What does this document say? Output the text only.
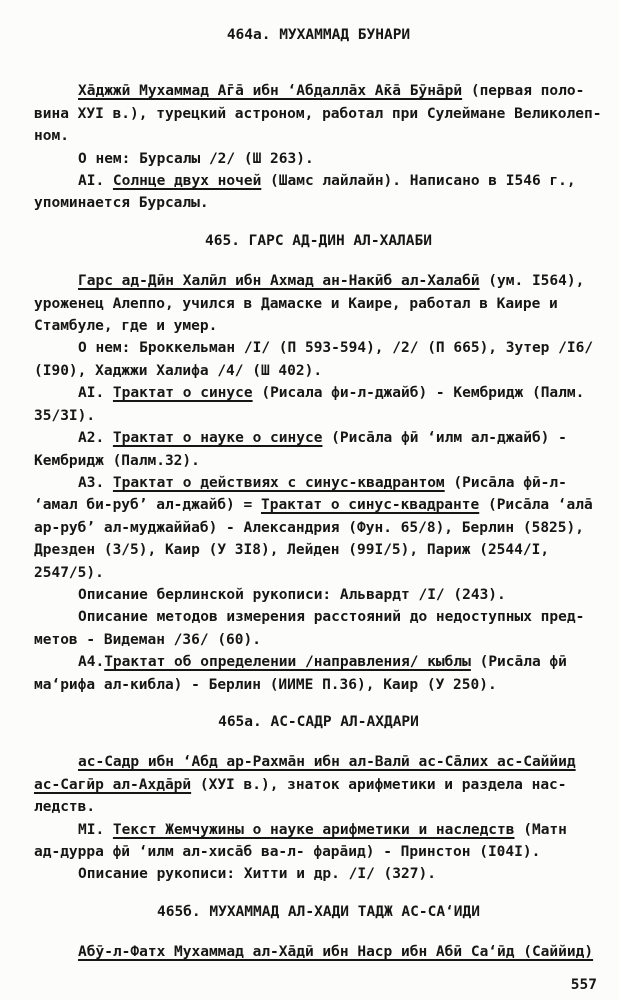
464а. МУХАММАД БУНАРИ
Ха̄джжӣ Мухаммад А̄га̄ ибн ‘Абдалла̄х А̄ка̄ Бӯна̄рӣ (первая поло-
вина ХУI в.), турецкий астроном, работал при Сулеймане Великолеп-
ном.
О нем: Бурсалы /2/ (Ш 263).
АI. Солнце двух ночей (Шамс лайлайн). Написано в I546 г.,
упоминается Бурсалы.
465. ГАРС АД-ДИН АЛ-ХАЛАБИ
Гарс ад-Дӣн Халӣл ибн Ахмад ан-Накӣб ал-Халабӣ (ум. I564),
уроженец Алеппо, учился в Дамаске и Каире, работал в Каире и
Стамбуле, где и умер.
О нем: Броккельман /I/ (П 593-594), /2/ (П 665), Зутер /I6/
(I90), Хаджжи Халифа /4/ (Ш 402).
АI. Трактат о синусе (Рисала фи-л-джайб) - Кембридж (Палм.
35/3I).
А2. Трактат о науке о синусе (Риса̄ла фӣ ‘илм ал-джайб) -
Кембридж (Палм.32).
А3. Трактат о действиях с синус-квадрантом (Риса̄ла фӣ-л-
‘амал би-руб’ ал-джайб) = Трактат о синус-квадранте (Риса̄ла ‘ала̄
ар-руб’ ал-муджаййаб) - Александрия (Фун. 65/8), Берлин (5825),
Дрезден (3/5), Каир (У 3I8), Лейден (99I/5), Париж (2544/I,
2547/5).
Описание берлинской рукописи: Альвардт /I/ (243).
Описание методов измерения расстояний до недоступных пред-
метов - Видеман /36/ (60).
А4.Трактат об определении /направления/ кыблы (Риса̄ла фӣ
ма‘рифа ал-кибла) - Берлин (ИИМЕ П.36), Каир (У 250).
465а. АС-САДР АЛ-АХДАРИ
ас-Садр ибн ‘Абд ар-Рахма̄н ибн ал-Валӣ ас-Са̄лих ас-Саййид
ас-Сагӣр ал-Ахда̄рӣ (ХУI в.), знаток арифметики и раздела нас-
ледств.
МI. Текст Жемчужины о науке арифметики и наследств (Матн
ад-дурра фӣ ‘илм ал-хиса̄б ва-л- фара̄ид) - Принстон (I04I).
Описание рукописи: Хитти и др. /I/ (327).
465б. МУХАММАД АЛ-ХАДИ ТАДЖ АС-СА‘ИДИ
Абӯ-л-Фатх Мухаммад ал-Ха̄дӣ ибн Наср ибн Абӣ Са‘ӣд (Саййид)
557
